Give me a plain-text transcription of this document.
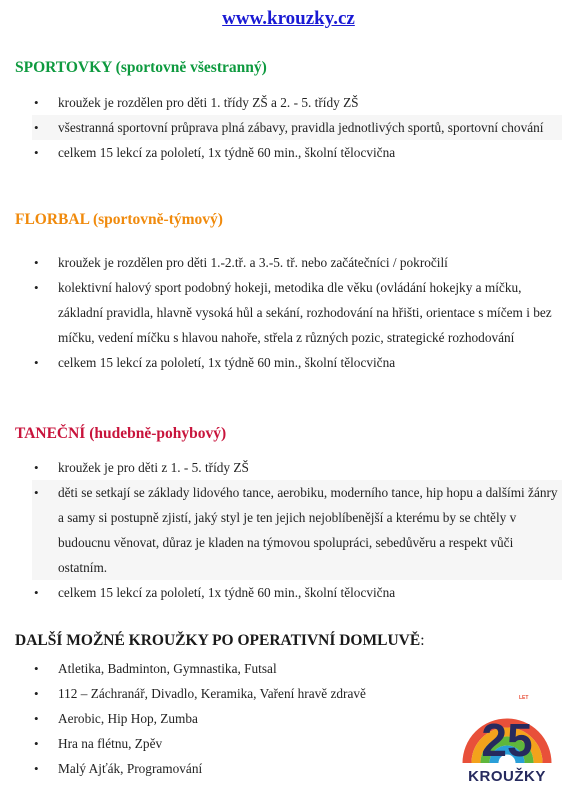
www.krouzky.cz
SPORTOVKY (sportovně všestranný)
• kroužek je rozdělen pro děti 1. třídy ZŠ a 2. - 5. třídy ZŠ
• všestranná sportovní průprava plná zábavy, pravidla jednotlivých sportů, sportovní chování
• celkem 15 lekcí za pololetí, 1x týdně 60 min., školní tělocvična
FLORBAL (sportovně-týmový)
• kroužek je rozdělen pro děti 1.-2.tř. a 3.-5. tř. nebo začátečníci / pokročilí
• kolektivní halový sport podobný hokeji, metodika dle věku (ovládání hokejky a míčku, základní pravidla, hlavně vysoká hůl a sekání, rozhodování na hřišti, orientace s míčem i bez míčku, vedení míčku s hlavou nahoře, střela z různých pozic, strategické rozhodování
• celkem 15 lekcí za pololetí, 1x týdně 60 min., školní tělocvična
TANEČNÍ (hudebně-pohybový)
• kroužek je pro děti z 1. - 5. třídy ZŠ
• děti se setkají se základy lidového tance, aerobiku, moderního tance, hip hopu a dalšími žánry a samy si postupně zjistí, jaký styl je ten jejich nejoblíbenější a kterému by se chtěly v budoucnu věnovat, důraz je kladen na týmovou spolupráci, sebedůvěru a respekt vůči ostatním.
• celkem 15 lekcí za pololetí, 1x týdně 60 min., školní tělocvična
DALŠÍ MOŽNÉ KROUŽKY PO OPERATIVNÍ DOMLUVĚ:
• Atletika, Badminton, Gymnastika, Futsal
• 112 – Záchranář, Divadlo, Keramika, Vaření hravě zdravě
• Aerobic, Hip Hop, Zumba
• Hra na flétnu, Zpěv
• Malý Ajťák, Programování
25
LET
KROUŽKY
